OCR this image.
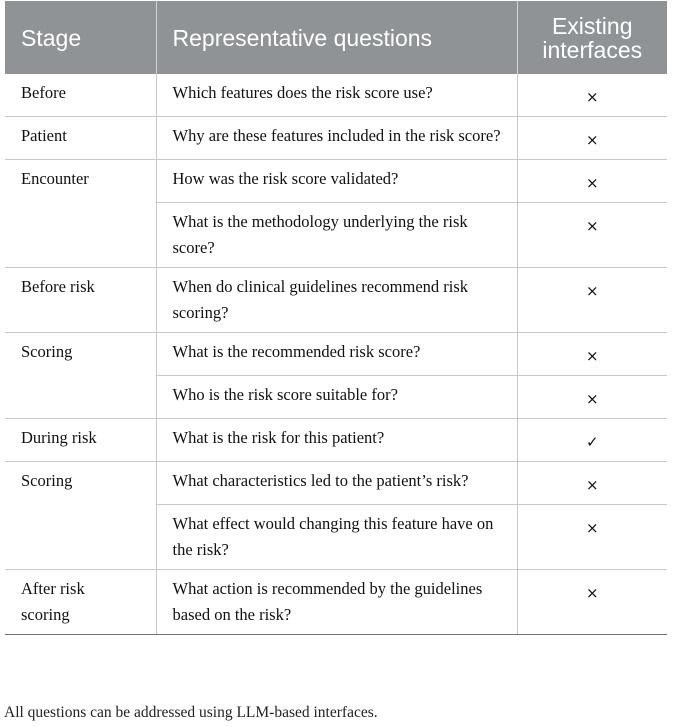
Stage	Representative questions	Existing
interfaces
Before	Which features does the risk score use?	×
Patient	Why are these features included in the risk score?	×
Encounter	How was the risk score validated?	×
	What is the methodology underlying the risk score?	×
Before risk	When do clinical guidelines recommend risk scoring?	×
Scoring	What is the recommended risk score?	×
	Who is the risk score suitable for?	×
During risk	What is the risk for this patient?	✓
Scoring	What characteristics led to the patient’s risk?	×
	What effect would changing this feature have on the risk?	×
After risk
scoring	What action is recommended by the guidelines based on the risk?	×
All questions can be addressed using LLM-based interfaces.
